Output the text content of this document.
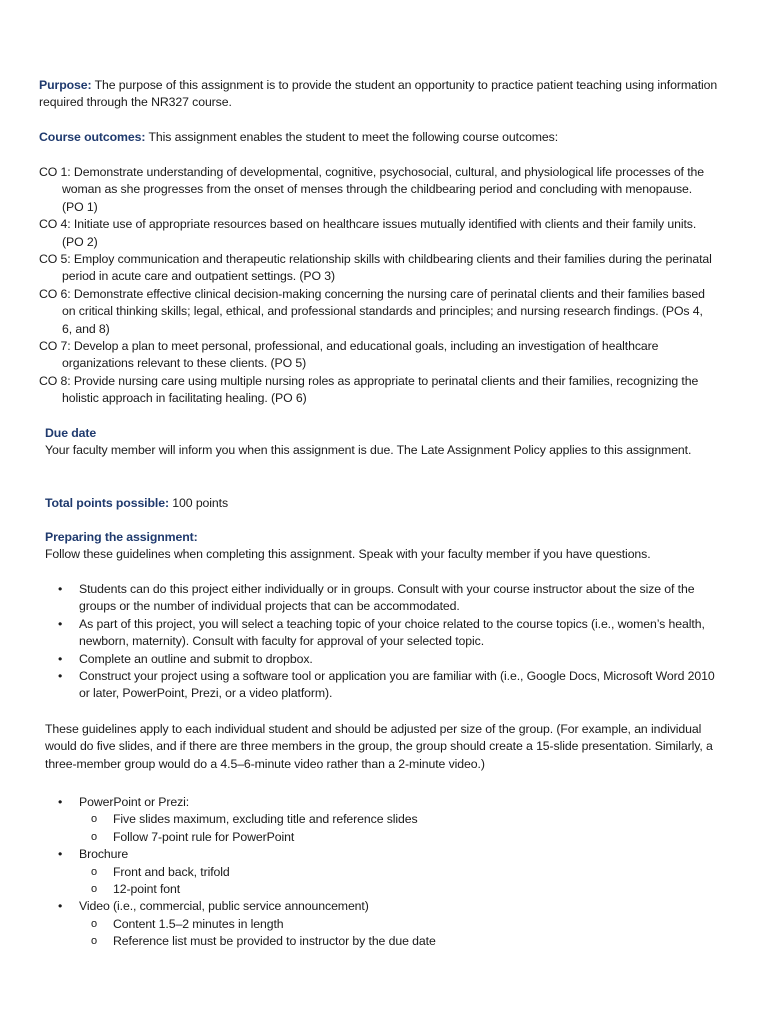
Purpose: The purpose of this assignment is to provide the student an opportunity to practice patient teaching using information required through the NR327 course.

Course outcomes: This assignment enables the student to meet the following course outcomes:

CO 1: Demonstrate understanding of developmental, cognitive, psychosocial, cultural, and physiological life processes of the woman as she progresses from the onset of menses through the childbearing period and concluding with menopause. (PO 1)

CO 4: Initiate use of appropriate resources based on healthcare issues mutually identified with clients and their family units. (PO 2)

CO 5: Employ communication and therapeutic relationship skills with childbearing clients and their families during the perinatal period in acute care and outpatient settings. (PO 3)

CO 6: Demonstrate effective clinical decision-making concerning the nursing care of perinatal clients and their families based on critical thinking skills; legal, ethical, and professional standards and principles; and nursing research findings. (POs 4, 6, and 8)

CO 7: Develop a plan to meet personal, professional, and educational goals, including an investigation of healthcare organizations relevant to these clients. (PO 5)

CO 8: Provide nursing care using multiple nursing roles as appropriate to perinatal clients and their families, recognizing the holistic approach in facilitating healing. (PO 6)

Due date

Your faculty member will inform you when this assignment is due. The Late Assignment Policy applies to this assignment.

Total points possible: 100 points

Preparing the assignment:

Follow these guidelines when completing this assignment. Speak with your faculty member if you have questions.

• Students can do this project either individually or in groups. Consult with your course instructor about the size of the groups or the number of individual projects that can be accommodated.
• As part of this project, you will select a teaching topic of your choice related to the course topics (i.e., women’s health, newborn, maternity). Consult with faculty for approval of your selected topic.
• Complete an outline and submit to dropbox.
• Construct your project using a software tool or application you are familiar with (i.e., Google Docs, Microsoft Word 2010 or later, PowerPoint, Prezi, or a video platform).

These guidelines apply to each individual student and should be adjusted per size of the group. (For example, an individual would do five slides, and if there are three members in the group, the group should create a 15-slide presentation. Similarly, a three-member group would do a 4.5–6-minute video rather than a 2-minute video.)

• PowerPoint or Prezi:
o Five slides maximum, excluding title and reference slides
o Follow 7-point rule for PowerPoint
• Brochure
o Front and back, trifold
o 12-point font
• Video (i.e., commercial, public service announcement)
o Content 1.5–2 minutes in length
o Reference list must be provided to instructor by the due date
